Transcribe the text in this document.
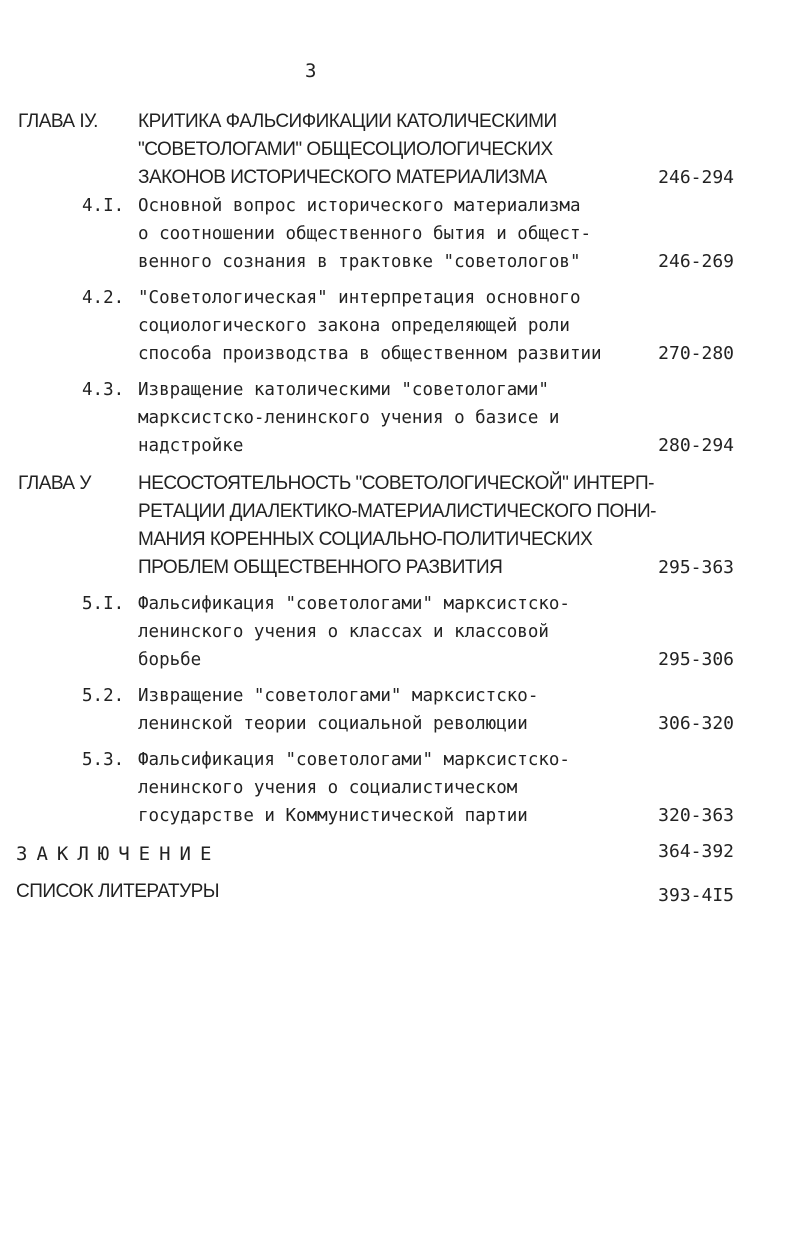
3
ГЛАВА IУ. КРИТИКА ФАЛЬСИФИКАЦИИ КАТОЛИЧЕСКИМИ
"СОВЕТОЛОГАМИ" ОБЩЕСОЦИОЛОГИЧЕСКИХ
ЗАКОНОВ ИСТОРИЧЕСКОГО МАТЕРИАЛИЗМА	246-294
4.I. Основной вопрос исторического материализма
о соотношении общественного бытия и общест-
венного сознания в трактовке "советологов"	246-269
4.2. "Советологическая" интерпретация основного
социологического закона определяющей роли
способа производства в общественном развитии	270-280
4.3. Извращение католическими "советологами"
марксистско-ленинского учения о базисе и
надстройке	280-294
ГЛАВА У НЕСОСТОЯТЕЛЬНОСТЬ "СОВЕТОЛОГИЧЕСКОЙ" ИНТЕРП-
РЕТАЦИИ ДИАЛЕКТИКО-МАТЕРИАЛИСТИЧЕСКОГО ПОНИ-
МАНИЯ КОРЕННЫХ СОЦИАЛЬНО-ПОЛИТИЧЕСКИХ
ПРОБЛЕМ ОБЩЕСТВЕННОГО РАЗВИТИЯ	295-363
5.I. Фальсификация "советологами" марксистско-
ленинского учения о классах и классовой
борьбе	295-306
5.2. Извращение "советологами" марксистско-
ленинской теории социальной революции	306-320
5.3. Фальсификация "советологами" марксистско-
ленинского учения о социалистическом
государстве и Коммунистической партии	320-363
ЗАКЛЮЧЕНИЕ	364-392
СПИСОК ЛИТЕРАТУРЫ	393-4I5
